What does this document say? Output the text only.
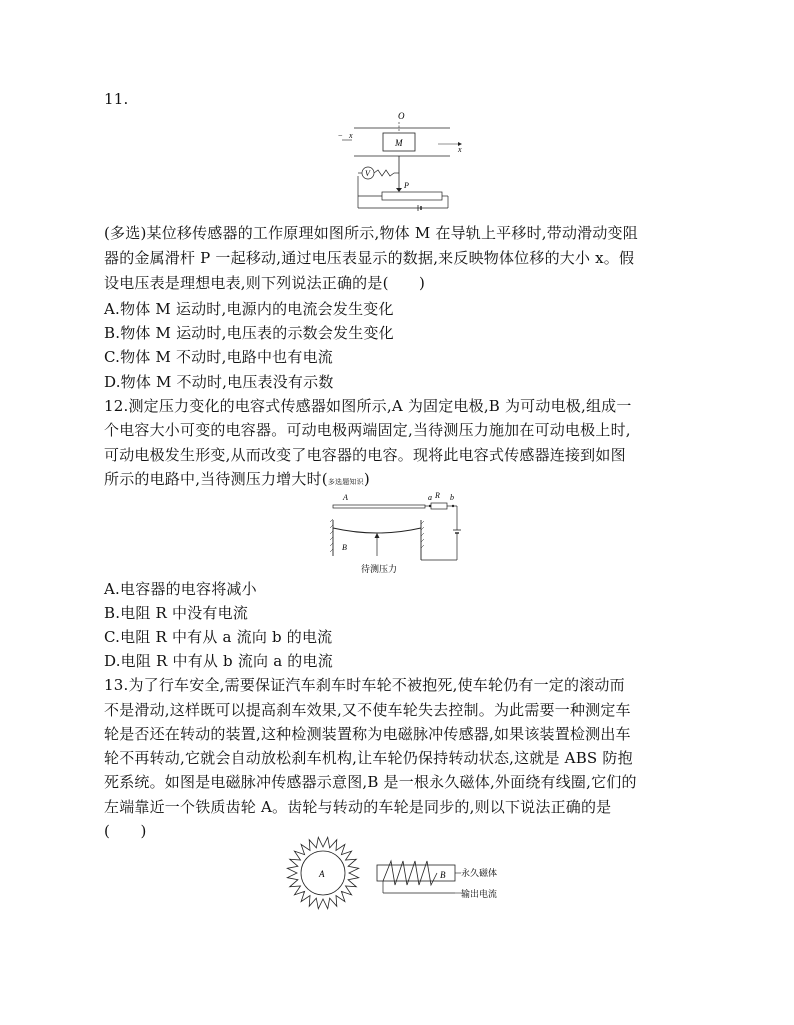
11.
O
M
x
−
x
V
P
(多选)某位移传感器的工作原理如图所示,物体 M 在导轨上平移时,带动滑动变阻
器的金属滑杆 P 一起移动,通过电压表显示的数据,来反映物体位移的大小 x。假
设电压表是理想电表,则下列说法正确的是(　　)
A.物体 M 运动时,电源内的电流会发生变化
B.物体 M 运动时,电压表的示数会发生变化
C.物体 M 不动时,电路中也有电流
D.物体 M 不动时,电压表没有示数
12.测定压力变化的电容式传感器如图所示,A 为固定电极,B 为可动电极,组成一
个电容大小可变的电容器。可动电极两端固定,当待测压力施加在可动电极上时,
可动电极发生形变,从而改变了电容器的电容。现将此电容式传感器连接到如图
所示的电路中,当待测压力增大时(多选题知识)
A	a R b
B
待测压力
A.电容器的电容将减小
B.电阻 R 中没有电流
C.电阻 R 中有从 a 流向 b 的电流
D.电阻 R 中有从 b 流向 a 的电流
13.为了行车安全,需要保证汽车刹车时车轮不被抱死,使车轮仍有一定的滚动而
不是滑动,这样既可以提高刹车效果,又不使车轮失去控制。为此需要一种测定车
轮是否还在转动的装置,这种检测装置称为电磁脉冲传感器,如果该装置检测出车
轮不再转动,它就会自动放松刹车机构,让车轮仍保持转动状态,这就是 ABS 防抱
死系统。如图是电磁脉冲传感器示意图,B 是一根永久磁体,外面绕有线圈,它们的
左端靠近一个铁质齿轮 A。齿轮与转动的车轮是同步的,则以下说法正确的是
(　　)
A	B 永久磁体
输出电流
